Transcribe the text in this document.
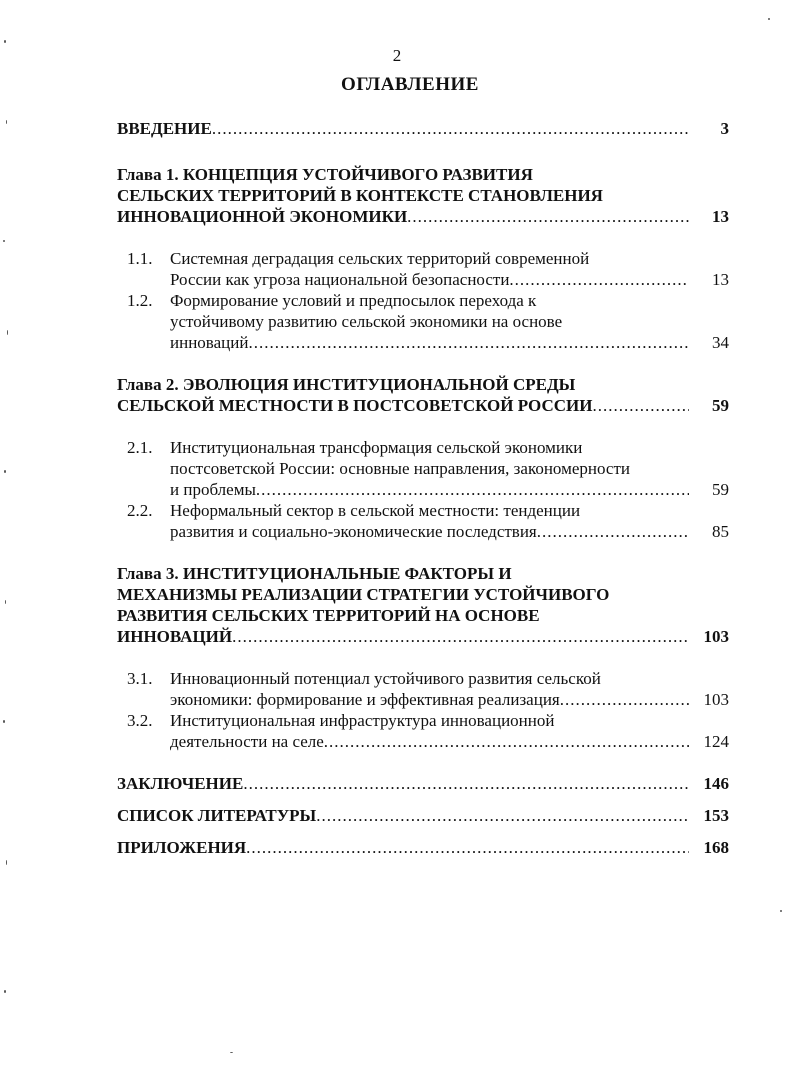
2
ОГЛАВЛЕНИЕ
ВВЕДЕНИЕ .....	3
Глава 1. КОНЦЕПЦИЯ УСТОЙЧИВОГО РАЗВИТИЯ
СЕЛЬСКИХ ТЕРРИТОРИЙ В КОНТЕКСТЕ СТАНОВЛЕНИЯ
ИННОВАЦИОННОЙ ЭКОНОМИКИ .....	13
1.1.	Системная деградация сельских территорий современной
России как угроза национальной безопасности .....	13
1.2.	Формирование условий и предпосылок перехода к
устойчивому развитию сельской экономики на основе
инноваций .....	34
Глава 2. ЭВОЛЮЦИЯ ИНСТИТУЦИОНАЛЬНОЙ СРЕДЫ
СЕЛЬСКОЙ МЕСТНОСТИ В ПОСТСОВЕТСКОЙ РОССИИ .....	59
2.1.	Институциональная трансформация сельской экономики
постсоветской России: основные направления, закономерности
и проблемы .....	59
2.2.	Неформальный сектор в сельской местности: тенденции
развития и социально-экономические последствия .....	85
Глава 3. ИНСТИТУЦИОНАЛЬНЫЕ ФАКТОРЫ И
МЕХАНИЗМЫ РЕАЛИЗАЦИИ СТРАТЕГИИ УСТОЙЧИВОГО
РАЗВИТИЯ СЕЛЬСКИХ ТЕРРИТОРИЙ НА ОСНОВЕ
ИННОВАЦИЙ .....	103
3.1.	Инновационный потенциал устойчивого развития сельской
экономики: формирование и эффективная реализация .....	103
3.2.	Институциональная инфраструктура инновационной
деятельности на селе .....	124
ЗАКЛЮЧЕНИЕ .....	146
СПИСОК ЛИТЕРАТУРЫ .....	153
ПРИЛОЖЕНИЯ .....	168
